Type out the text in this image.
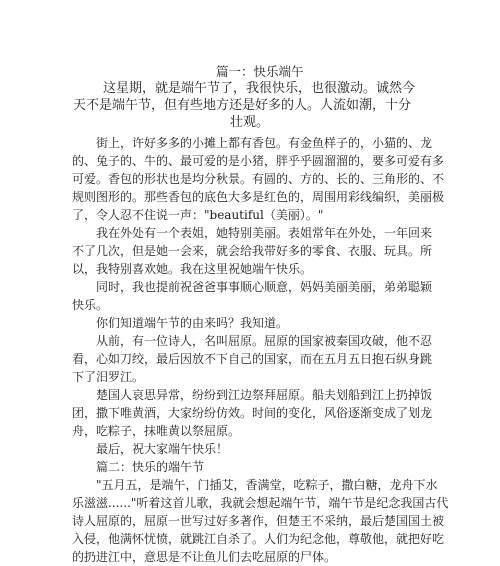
篇一：快乐端午

这星期，就是端午节了，我很快乐，也很激动。诚然今

天不是端午节，但有些地方还是好多的人。人流如潮，十分

壮观。

街上，许好多多的小摊上都有香包。有金鱼样子的，小猫的、龙

的、兔子的、牛的、最可爱的是小猪，胖乎乎圆溜溜的，要多可爱有多

可爱。香包的形状也是均分秋景。有圆的、方的、长的、三角形的、不

规则图形的。那些香包的底色大多是红色的，周围用彩线编织，美丽极

了，令人忍不住说一声："beautiful（美丽）。"

我在外处有一个表姐，她特别美丽。表姐常年在外处，一年回来

不了几次，但是她一会来，就会给我带好多的零食、衣服、玩具。所

以，我特别喜欢她。我在这里祝她端午快乐。

同时，我也提前祝爸爸事事顺心顺意，妈妈美丽美丽，弟弟聪颖

快乐。

你们知道端午节的由来吗？我知道。

从前，有一位诗人，名叫屈原。屈原的国家被秦国攻破，他不忍

看，心如刀绞，最后因放不下自己的国家，而在五月五日抱石纵身跳

下了汨罗江。

楚国人哀思异常，纷纷到江边祭拜屈原。船夫划船到江上扔掉饭

团，撒下唯黄酒，大家纷纷仿效。时间的变化，风俗逐渐变成了划龙

舟，吃粽子，抹唯黄以祭屈原。

最后，祝大家端午快乐！

篇二：快乐的端午节

"五月五，是端午，门插艾，香满堂，吃粽子，撒白糖，龙舟下水

乐滋滋......"听着这首儿歌，我就会想起端午节，端午节是纪念我国古代

诗人屈原的，屈原一世写过好多著作，但楚王不采纳，最后楚国国土被

入侵，他满怀忧愤，就跳江自杀了。人们为纪念他，尊敬他，就把好吃

的扔进江中，意思是不让鱼儿们去吃屈原的尸体。
